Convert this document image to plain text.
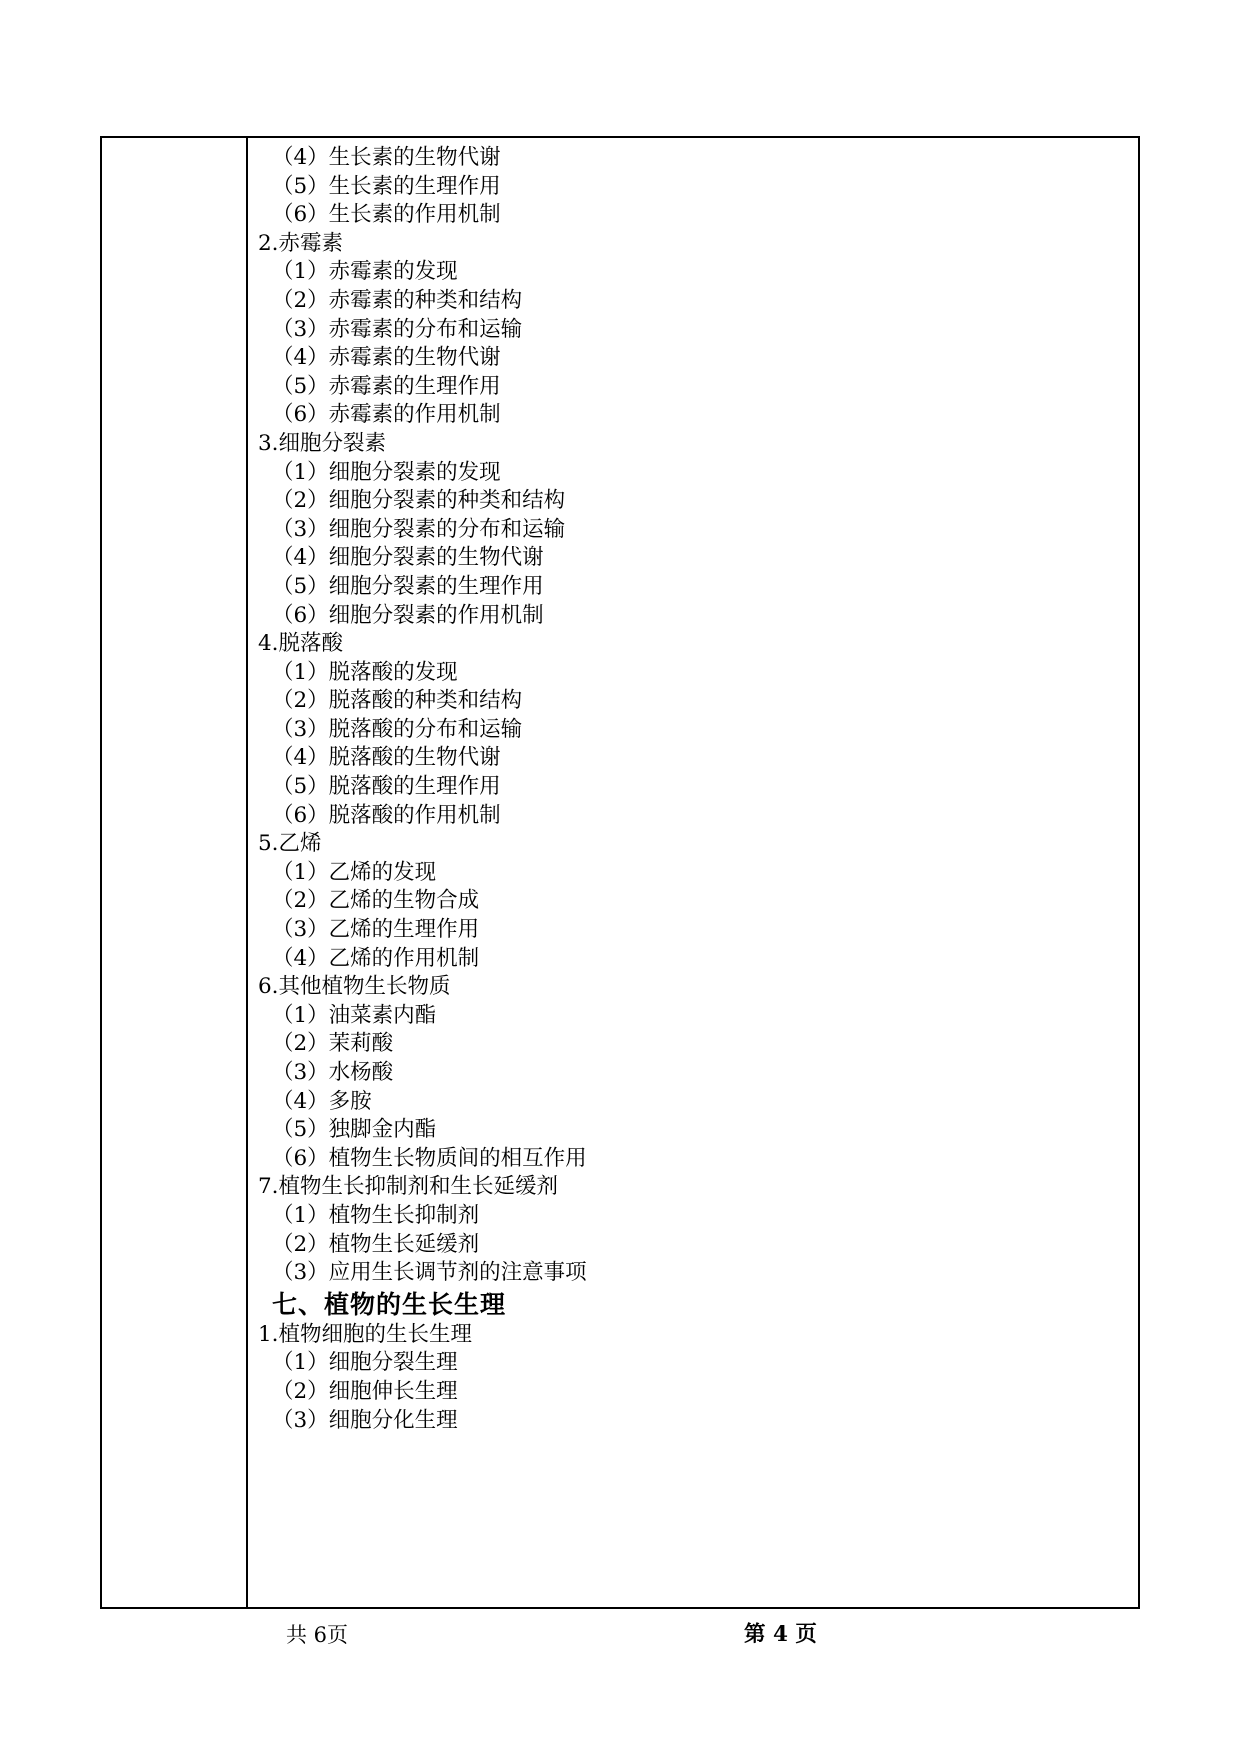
（4）生长素的生物代谢
（5）生长素的生理作用
（6）生长素的作用机制
2.赤霉素
（1）赤霉素的发现
（2）赤霉素的种类和结构
（3）赤霉素的分布和运输
（4）赤霉素的生物代谢
（5）赤霉素的生理作用
（6）赤霉素的作用机制
3.细胞分裂素
（1）细胞分裂素的发现
（2）细胞分裂素的种类和结构
（3）细胞分裂素的分布和运输
（4）细胞分裂素的生物代谢
（5）细胞分裂素的生理作用
（6）细胞分裂素的作用机制
4.脱落酸
（1）脱落酸的发现
（2）脱落酸的种类和结构
（3）脱落酸的分布和运输
（4）脱落酸的生物代谢
（5）脱落酸的生理作用
（6）脱落酸的作用机制
5.乙烯
（1）乙烯的发现
（2）乙烯的生物合成
（3）乙烯的生理作用
（4）乙烯的作用机制
6.其他植物生长物质
（1）油菜素内酯
（2）茉莉酸
（3）水杨酸
（4）多胺
（5）独脚金内酯
（6）植物生长物质间的相互作用
7.植物生长抑制剂和生长延缓剂
（1）植物生长抑制剂
（2）植物生长延缓剂
（3）应用生长调节剂的注意事项
七、植物的生长生理
1.植物细胞的生长生理
（1）细胞分裂生理
（2）细胞伸长生理
（3）细胞分化生理
共 6页	第 4 页
